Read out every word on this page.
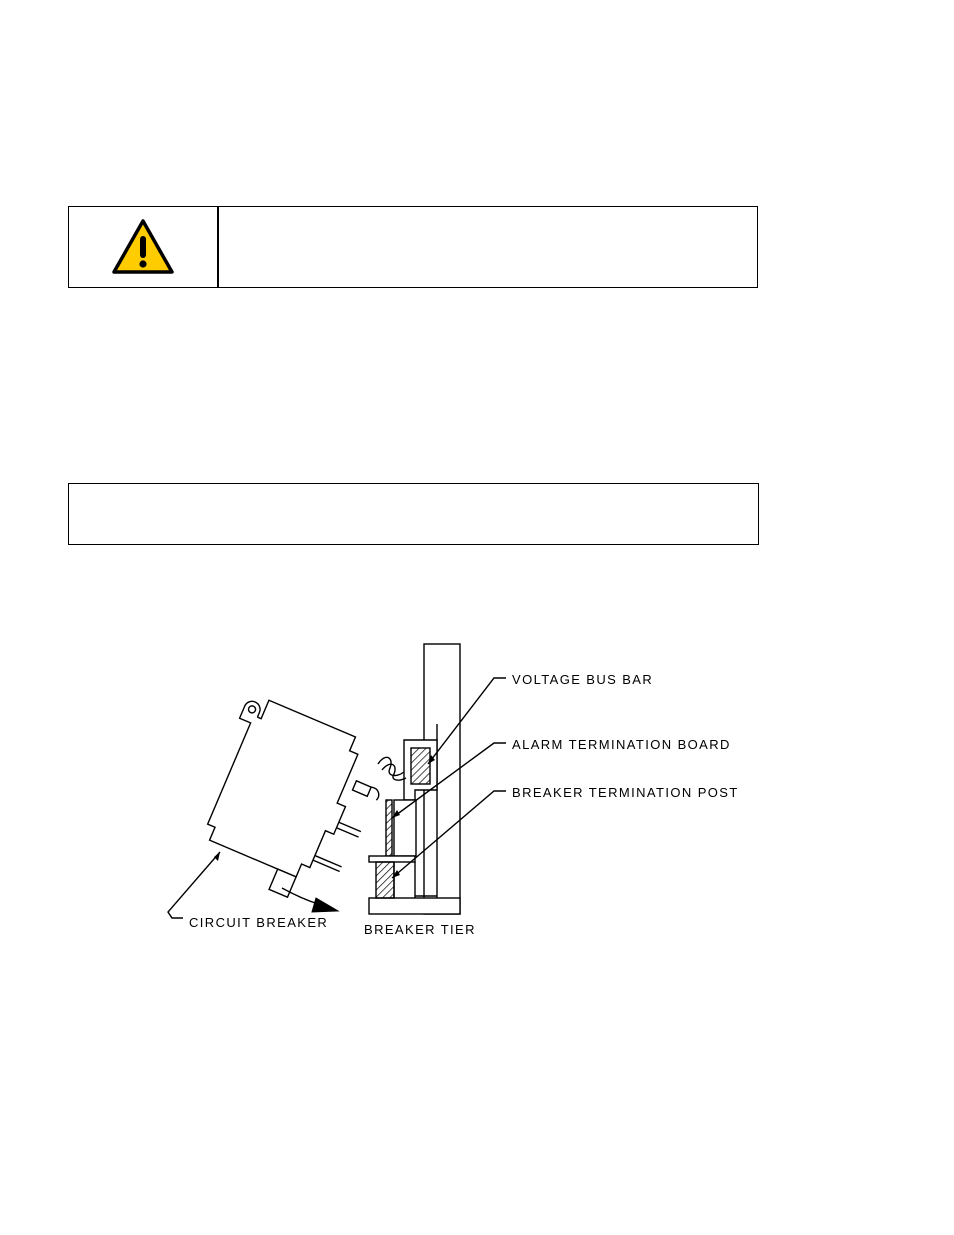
VOLTAGE BUS BAR
ALARM TERMINATION BOARD
BREAKER TERMINATION POST
CIRCUIT BREAKER	BREAKER TIER
